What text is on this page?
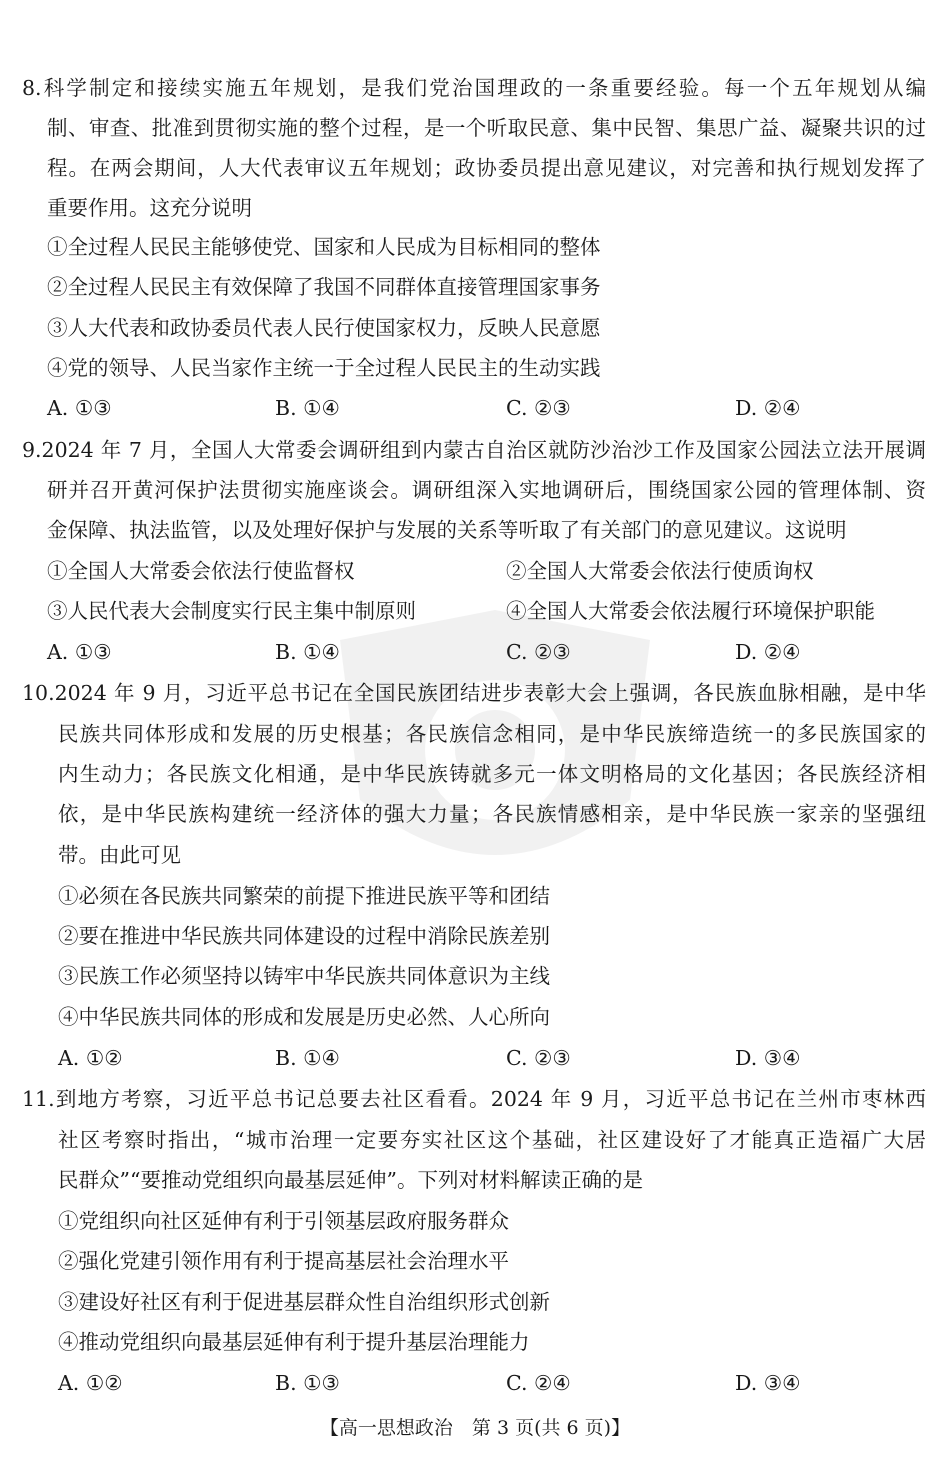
8.科学制定和接续实施五年规划，是我们党治国理政的一条重要经验。每一个五年规划从编
制、审查、批准到贯彻实施的整个过程，是一个听取民意、集中民智、集思广益、凝聚共识的过
程。在两会期间，人大代表审议五年规划；政协委员提出意见建议，对完善和执行规划发挥了
重要作用。这充分说明
①全过程人民民主能够使党、国家和人民成为目标相同的整体
②全过程人民民主有效保障了我国不同群体直接管理国家事务
③人大代表和政协委员代表人民行使国家权力，反映人民意愿
④党的领导、人民当家作主统一于全过程人民民主的生动实践
A. ①③	B. ①④	C. ②③	D. ②④
9.2024 年 7 月，全国人大常委会调研组到内蒙古自治区就防沙治沙工作及国家公园法立法开展调
研并召开黄河保护法贯彻实施座谈会。调研组深入实地调研后，围绕国家公园的管理体制、资
金保障、执法监管，以及处理好保护与发展的关系等听取了有关部门的意见建议。这说明
①全国人大常委会依法行使监督权	②全国人大常委会依法行使质询权
③人民代表大会制度实行民主集中制原则	④全国人大常委会依法履行环境保护职能
A. ①③	B. ①④	C. ②③	D. ②④
10.2024 年 9 月，习近平总书记在全国民族团结进步表彰大会上强调，各民族血脉相融，是中华
民族共同体形成和发展的历史根基；各民族信念相同，是中华民族缔造统一的多民族国家的
内生动力；各民族文化相通，是中华民族铸就多元一体文明格局的文化基因；各民族经济相
依，是中华民族构建统一经济体的强大力量；各民族情感相亲，是中华民族一家亲的坚强纽
带。由此可见
①必须在各民族共同繁荣的前提下推进民族平等和团结
②要在推进中华民族共同体建设的过程中消除民族差别
③民族工作必须坚持以铸牢中华民族共同体意识为主线
④中华民族共同体的形成和发展是历史必然、人心所向
A. ①②	B. ①④	C. ②③	D. ③④
11.到地方考察，习近平总书记总要去社区看看。2024 年 9 月，习近平总书记在兰州市枣林西
社区考察时指出，“城市治理一定要夯实社区这个基础，社区建设好了才能真正造福广大居
民群众”“要推动党组织向最基层延伸”。下列对材料解读正确的是
①党组织向社区延伸有利于引领基层政府服务群众
②强化党建引领作用有利于提高基层社会治理水平
③建设好社区有利于促进基层群众性自治组织形式创新
④推动党组织向最基层延伸有利于提升基层治理能力
A. ①②	B. ①③	C. ②④	D. ③④
【高一思想政治　第 3 页(共 6 页)】
